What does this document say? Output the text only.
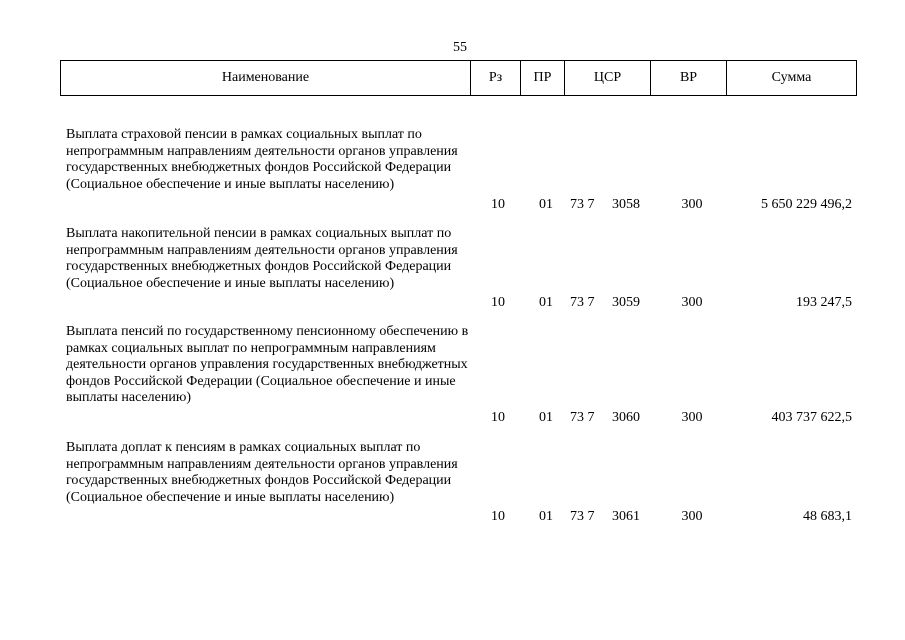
55
Наименование	Рз	ПР	ЦСР	ВР	Сумма
Выплата страховой пенсии в рамках социальных выплат по непрограммным направлениям деятельности органов управления государственных внебюджетных фондов Российской Федерации (Социальное обеспечение и иные выплаты населению)
10	01	73 7	3058	300	5 650 229 496,2
Выплата накопительной пенсии в рамках социальных выплат по непрограммным направлениям деятельности органов управления государственных внебюджетных фондов Российской Федерации (Социальное обеспечение и иные выплаты населению)
10	01	73 7	3059	300	193 247,5
Выплата пенсий по государственному пенсионному обеспечению в рамках социальных выплат по непрограммным направлениям деятельности органов управления государственных внебюджетных фондов Российской Федерации (Социальное обеспечение и иные выплаты населению)
10	01	73 7	3060	300	403 737 622,5
Выплата доплат к пенсиям в рамках социальных выплат по непрограммным направлениям деятельности органов управления государственных внебюджетных фондов Российской Федерации (Социальное обеспечение и иные выплаты населению)
10	01	73 7	3061	300	48 683,1
